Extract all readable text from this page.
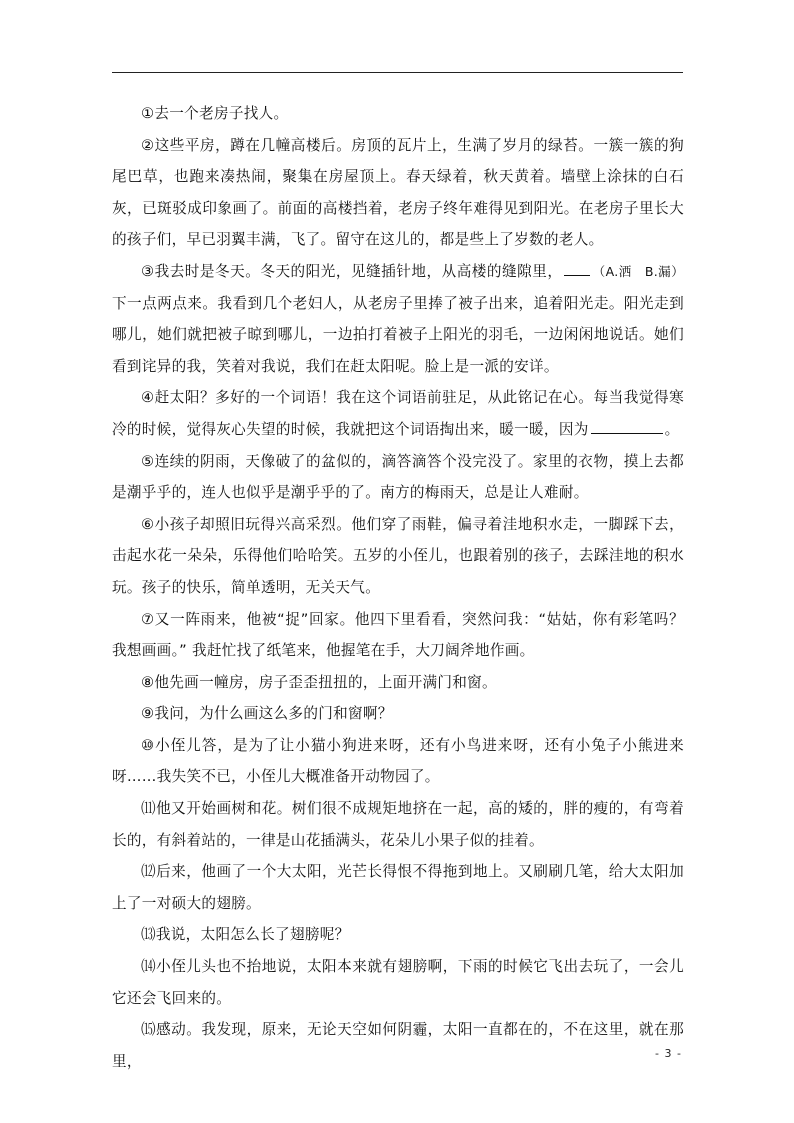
①去一个老房子找人。

②这些平房，蹲在几幢高楼后。房顶的瓦片上，生满了岁月的绿苔。一簇一簇的狗尾巴草，也跑来凑热闹，聚集在房屋顶上。春天绿着，秋天黄着。墙壁上涂抹的白石灰，已斑驳成印象画了。前面的高楼挡着，老房子终年难得见到阳光。在老房子里长大的孩子们，早已羽翼丰满，飞了。留守在这儿的，都是些上了岁数的老人。

③我去时是冬天。冬天的阳光，见缝插针地，从高楼的缝隙里， （A.洒　B.漏）下一点两点来。我看到几个老妇人，从老房子里捧了被子出来，追着阳光走。阳光走到哪儿，她们就把被子晾到哪儿，一边拍打着被子上阳光的羽毛，一边闲闲地说话。她们看到诧异的我，笑着对我说，我们在赶太阳呢。脸上是一派的安详。

④赶太阳？多好的一个词语！我在这个词语前驻足，从此铭记在心。每当我觉得寒冷的时候，觉得灰心失望的时候，我就把这个词语掏出来，暖一暖，因为	。

⑤连续的阴雨，天像破了的盆似的，滴答滴答个没完没了。家里的衣物，摸上去都是潮乎乎的，连人也似乎是潮乎乎的了。南方的梅雨天，总是让人难耐。

⑥小孩子却照旧玩得兴高采烈。他们穿了雨鞋，偏寻着洼地积水走，一脚踩下去，击起水花一朵朵，乐得他们哈哈笑。五岁的小侄儿，也跟着别的孩子，去踩洼地的积水玩。孩子的快乐，简单透明，无关天气。

⑦又一阵雨来，他被“捉”回家。他四下里看看，突然问我：“姑姑，你有彩笔吗？我想画画。” 我赶忙找了纸笔来，他握笔在手，大刀阔斧地作画。

⑧他先画一幢房，房子歪歪扭扭的，上面开满门和窗。

⑨我问，为什么画这么多的门和窗啊？

⑩小侄儿答，是为了让小猫小狗进来呀，还有小鸟进来呀，还有小兔子小熊进来呀……我失笑不已，小侄儿大概准备开动物园了。

⑾他又开始画树和花。树们很不成规矩地挤在一起，高的矮的，胖的瘦的，有弯着长的，有斜着站的，一律是山花插满头，花朵儿小果子似的挂着。

⑿后来，他画了一个大太阳，光芒长得恨不得拖到地上。又刷刷几笔，给大太阳加上了一对硕大的翅膀。

⒀我说，太阳怎么长了翅膀呢？

⒁小侄儿头也不抬地说，太阳本来就有翅膀啊，下雨的时候它飞出去玩了，一会儿它还会飞回来的。

⒂感动。我发现，原来，无论天空如何阴霾，太阳一直都在的，不在这里，就在那里，	- 3 -
